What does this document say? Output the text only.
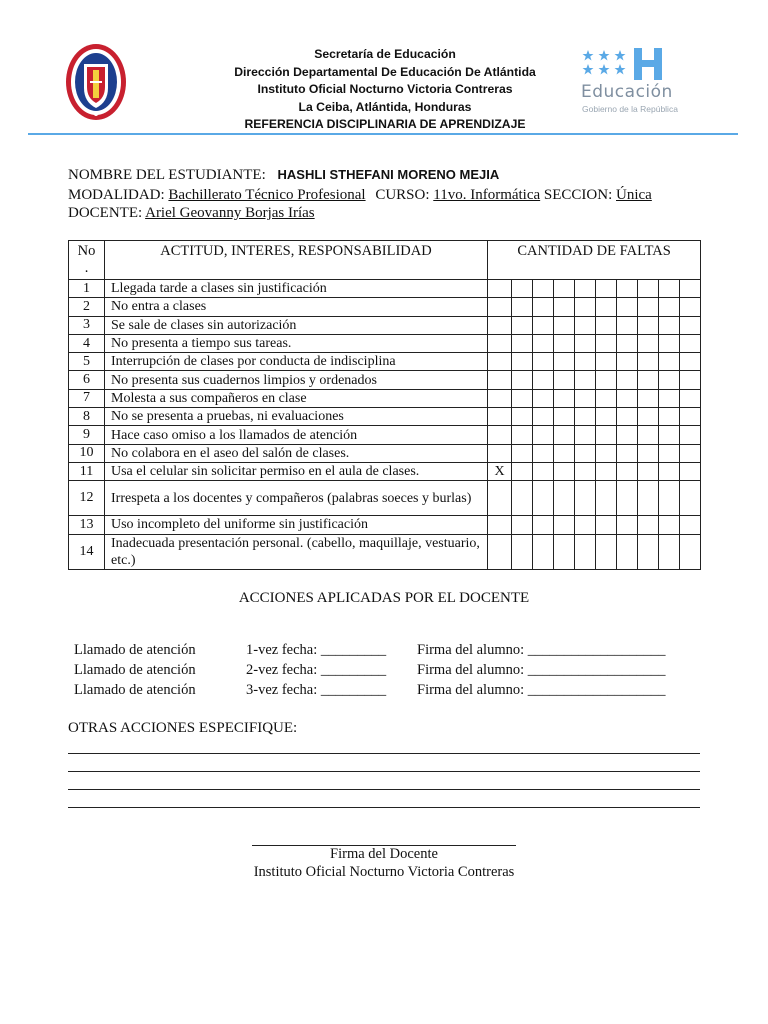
Secretaría de Educación
Dirección Departamental De Educación De Atlántida
Instituto Oficial Nocturno Victoria Contreras
La Ceiba, Atlántida, Honduras
REFERENCIA DISCIPLINARIA DE APRENDIZAJE
Educación
Gobierno de la República
NOMBRE DEL ESTUDIANTE: HASHLI STHEFANI MORENO MEJIA
MODALIDAD: Bachillerato Técnico Profesional CURSO: 11vo. Informática SECCION: Única
DOCENTE: Ariel Geovanny Borjas Irías
No
.	ACTITUD, INTERES, RESPONSABILIDAD	CANTIDAD DE FALTAS									
1	Llegada tarde a clases sin justificación										
2	No entra a clases										
3	Se sale de clases sin autorización										
4	No presenta a tiempo sus tareas.										
5	Interrupción de clases por conducta de indisciplina										
6	No presenta sus cuadernos limpios y ordenados										
7	Molesta a sus compañeros en clase										
8	No se presenta a pruebas, ni evaluaciones										
9	Hace caso omiso a los llamados de atención										
10	No colabora en el aseo del salón de clases.										
11	Usa el celular sin solicitar permiso en el aula de clases.	X									
12	Irrespeta a los docentes y compañeros (palabras soeces y burlas)										
13	Uso incompleto del uniforme sin justificación										
14	Inadecuada presentación personal. (cabello, maquillaje, vestuario, etc.)										
ACCIONES APLICADAS POR EL DOCENTE
Llamado de atención	1-vez fecha: _________ Firma del alumno: ___________________
Llamado de atención	2-vez fecha: _________ Firma del alumno: ___________________
Llamado de atención	3-vez fecha: _________ Firma del alumno: ___________________
OTRAS ACCIONES ESPECIFIQUE:
Firma del Docente
Instituto Oficial Nocturno Victoria Contreras
